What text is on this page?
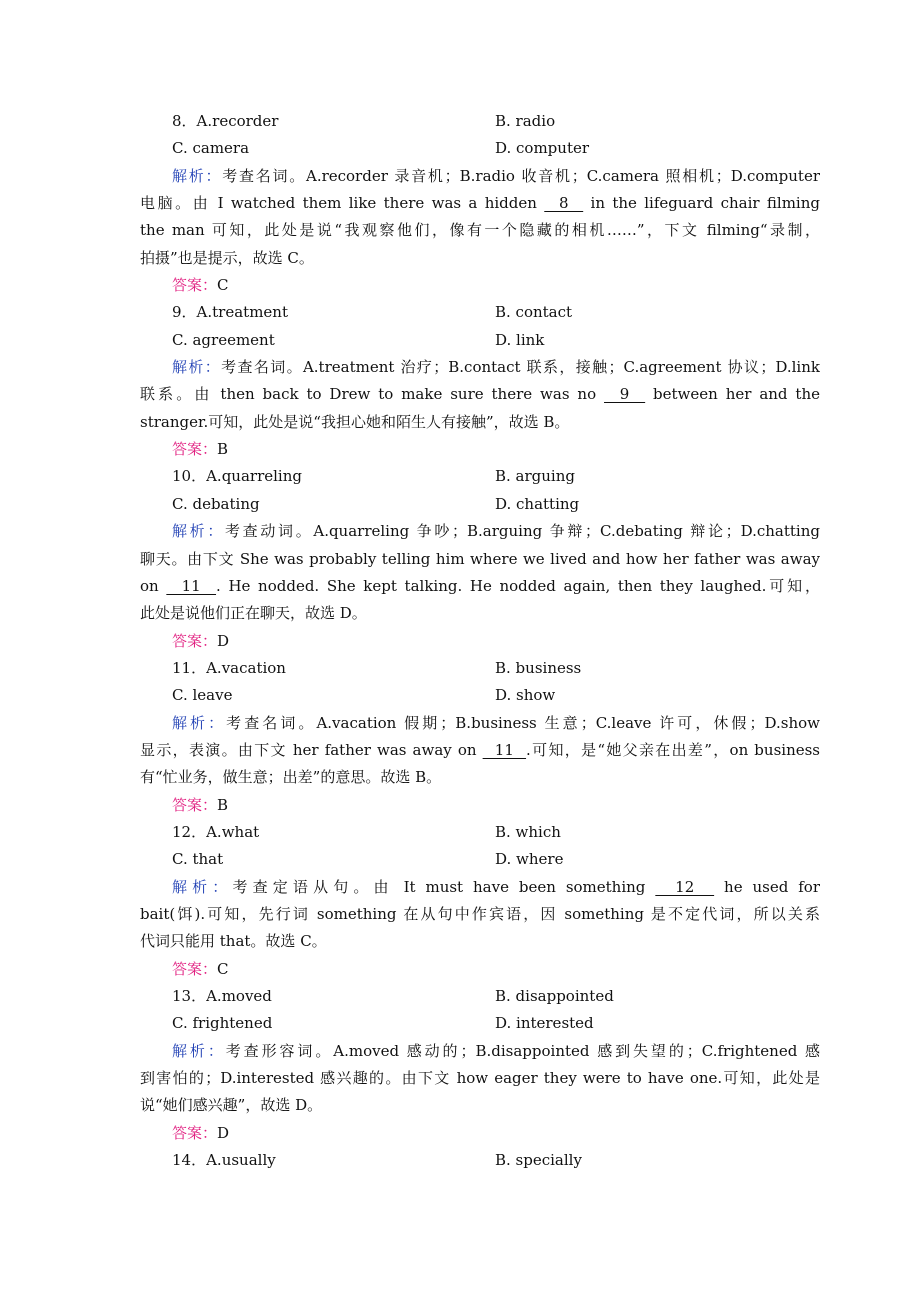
8．A.recorder	B. radio
C. camera	D. computer
解析：考查名词。A.recorder 录音机；B.radio 收音机；C.camera 照相机；D.computer
电脑。由 I watched them like there was a hidden   8   in the lifeguard chair filming
the man 可知，此处是说“我观察他们，像有一个隐藏的相机……”，下文 filming“录制，
拍摄”也是提示，故选 C。
答案：C
9．A.treatment	B. contact
C. agreement	D. link
解析：考查名词。A.treatment 治疗；B.contact 联系，接触；C.agreement 协议；D.link
联系。由 then back to Drew to make sure there was no   9   between her and the
stranger.可知，此处是说“我担心她和陌生人有接触”，故选 B。
答案：B
10．A.quarreling	B. arguing
C. debating	D. chatting
解析：考查动词。A.quarreling 争吵；B.arguing 争辩；C.debating 辩论；D.chatting
聊天。由下文 She was probably telling him where we lived and how her father was away
on   11  . He nodded. She kept talking. He nodded again, then they laughed.可知，
此处是说他们正在聊天，故选 D。
答案：D
11．A.vacation	B. business
C. leave	D. show
解析：考查名词。A.vacation 假期；B.business 生意；C.leave 许可，休假；D.show
显示，表演。由下文 her father was away on   11  .可知，是“她父亲在出差”，on business
有“忙业务，做生意；出差”的意思。故选 B。
答案：B
12．A.what	B. which
C. that	D. where
解析：考查定语从句。由 It must have been something   12   he used for
bait(饵).可知，先行词 something 在从句中作宾语，因 something 是不定代词，所以关系
代词只能用 that。故选 C。
答案：C
13．A.moved	B. disappointed
C. frightened	D. interested
解析：考查形容词。A.moved 感动的；B.disappointed 感到失望的；C.frightened 感
到害怕的；D.interested 感兴趣的。由下文 how eager they were to have one.可知，此处是
说“她们感兴趣”，故选 D。
答案：D
14．A.usually	B. specially
